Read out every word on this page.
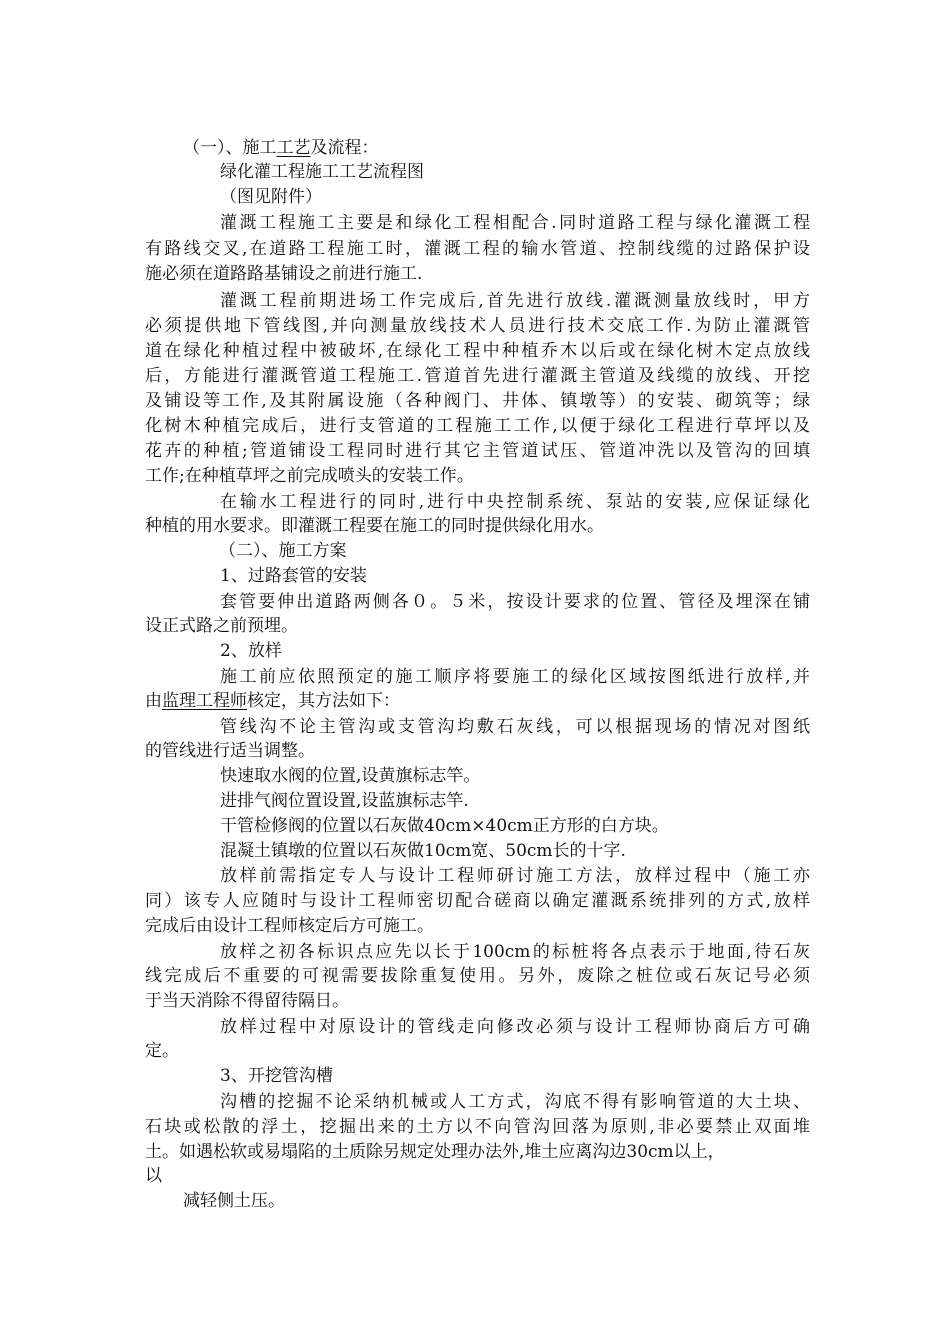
（一）、施工工艺及流程：
绿化灌工程施工工艺流程图
（图见附件）
灌溉工程施工主要是和绿化工程相配合.同时道路工程与绿化灌溉工程
有路线交叉,在道路工程施工时，灌溉工程的输水管道、控制线缆的过路保护设
施必须在道路路基铺设之前进行施工.
灌溉工程前期进场工作完成后,首先进行放线.灌溉测量放线时，甲方
必须提供地下管线图,并向测量放线技术人员进行技术交底工作.为防止灌溉管
道在绿化种植过程中被破坏,在绿化工程中种植乔木以后或在绿化树木定点放线
后，方能进行灌溉管道工程施工.管道首先进行灌溉主管道及线缆的放线、开挖
及铺设等工作,及其附属设施（各种阀门、井体、镇墩等）的安装、砌筑等；绿
化树木种植完成后，进行支管道的工程施工工作,以便于绿化工程进行草坪以及
花卉的种植;管道铺设工程同时进行其它主管道试压、管道冲洗以及管沟的回填
工作;在种植草坪之前完成喷头的安装工作。
在输水工程进行的同时,进行中央控制系统、泵站的安装,应保证绿化
种植的用水要求。即灌溉工程要在施工的同时提供绿化用水。
（二）、施工方案
1、过路套管的安装
套管要伸出道路两侧各０。５米，按设计要求的位置、管径及埋深在铺
设正式路之前预埋。
2、放样
施工前应依照预定的施工顺序将要施工的绿化区域按图纸进行放样,并
由监理工程师核定，其方法如下：
管线沟不论主管沟或支管沟均敷石灰线，可以根据现场的情况对图纸
的管线进行适当调整。
快速取水阀的位置,设黄旗标志竿。
进排气阀位置设置,设蓝旗标志竿.
干管检修阀的位置以石灰做40cm×40cm正方形的白方块。
混凝土镇墩的位置以石灰做10cm宽、50cm长的十字.
放样前需指定专人与设计工程师研讨施工方法，放样过程中（施工亦
同）该专人应随时与设计工程师密切配合磋商以确定灌溉系统排列的方式,放样
完成后由设计工程师核定后方可施工。
放样之初各标识点应先以长于100cm的标桩将各点表示于地面,待石灰
线完成后不重要的可视需要拔除重复使用。另外，废除之桩位或石灰记号必须
于当天消除不得留待隔日。
放样过程中对原设计的管线走向修改必须与设计工程师协商后方可确
定。
3、开挖管沟槽
沟槽的挖掘不论采纳机械或人工方式，沟底不得有影响管道的大土块、
石块或松散的浮土，挖掘出来的土方以不向管沟回落为原则,非必要禁止双面堆
土。如遇松软或易塌陷的土质除另规定处理办法外,堆土应离沟边30cm以上，
以
减轻侧土压。
